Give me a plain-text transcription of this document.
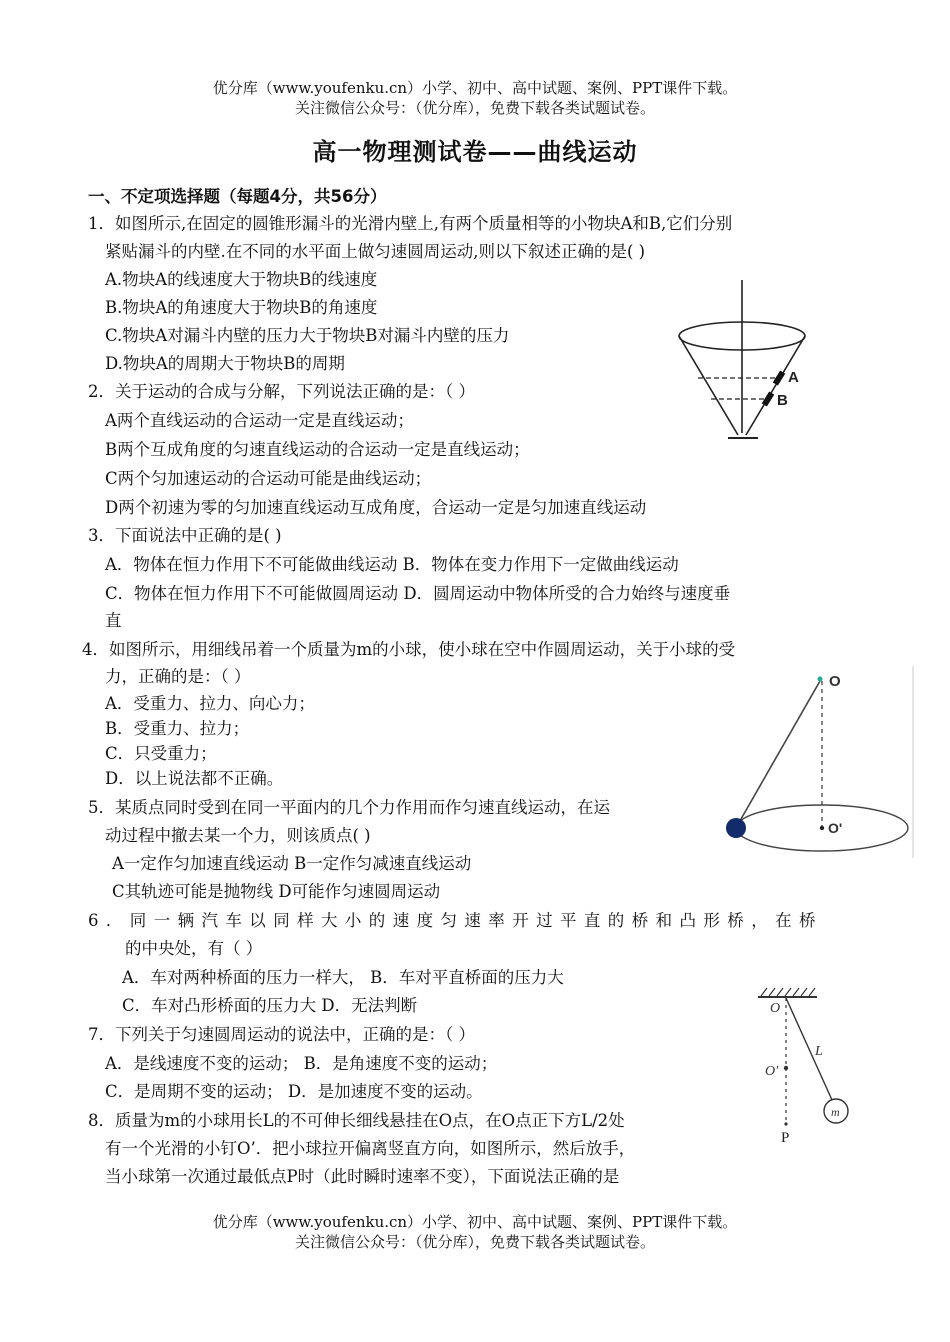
优分库（www.youfenku.cn）小学、初中、高中试题、案例、PPT课件下载。
关注微信公众号：（优分库），免费下载各类试题试卷。
高一物理测试卷——曲线运动
一、不定项选择题（每题4分，共56分）
1．如图所示,在固定的圆锥形漏斗的光滑内壁上,有两个质量相等的小物块A和B,它们分别
紧贴漏斗的内壁.在不同的水平面上做匀速圆周运动,则以下叙述正确的是( )
A.物块A的线速度大于物块B的线速度
B.物块A的角速度大于物块B的角速度
C.物块A对漏斗内壁的压力大于物块B对漏斗内壁的压力
D.物块A的周期大于物块B的周期
2．关于运动的合成与分解，下列说法正确的是：（ ）
A两个直线运动的合运动一定是直线运动；
B两个互成角度的匀速直线运动的合运动一定是直线运动；
C两个匀加速运动的合运动可能是曲线运动；
D两个初速为零的匀加速直线运动互成角度，合运动一定是匀加速直线运动
3．下面说法中正确的是( )
A．物体在恒力作用下不可能做曲线运动 B．物体在变力作用下一定做曲线运动
C．物体在恒力作用下不可能做圆周运动 D．圆周运动中物体所受的合力始终与速度垂
直
4．如图所示，用细线吊着一个质量为m的小球，使小球在空中作圆周运动，关于小球的受
力，正确的是：（ ）
A．受重力、拉力、向心力；
B．受重力、拉力；
C．只受重力；
D．以上说法都不正确。
5．某质点同时受到在同一平面内的几个力作用而作匀速直线运动，在运
动过程中撤去某一个力，则该质点( )
A一定作匀加速直线运动 B一定作匀减速直线运动
C其轨迹可能是抛物线 D可能作匀速圆周运动
6．同一辆汽车以同样大小的速度匀速率开过平直的桥和凸形桥，在桥
的中央处，有（ ）
A．车对两种桥面的压力一样大， B．车对平直桥面的压力大
C．车对凸形桥面的压力大 D．无法判断
7．下列关于匀速圆周运动的说法中，正确的是：（ ）
A．是线速度不变的运动； B．是角速度不变的运动；
C．是周期不变的运动； D．是加速度不变的运动。
8．质量为m的小球用长L的不可伸长细线悬挂在O点，在O点正下方L/2处
有一个光滑的小钉O’．把小球拉开偏离竖直方向，如图所示，然后放手，
当小球第一次通过最低点P时（此时瞬时速率不变），下面说法正确的是
优分库（www.youfenku.cn）小学、初中、高中试题、案例、PPT课件下载。
关注微信公众号：（优分库），免费下载各类试题试卷。
A
B
O
O'
m
O
O'
L
P
